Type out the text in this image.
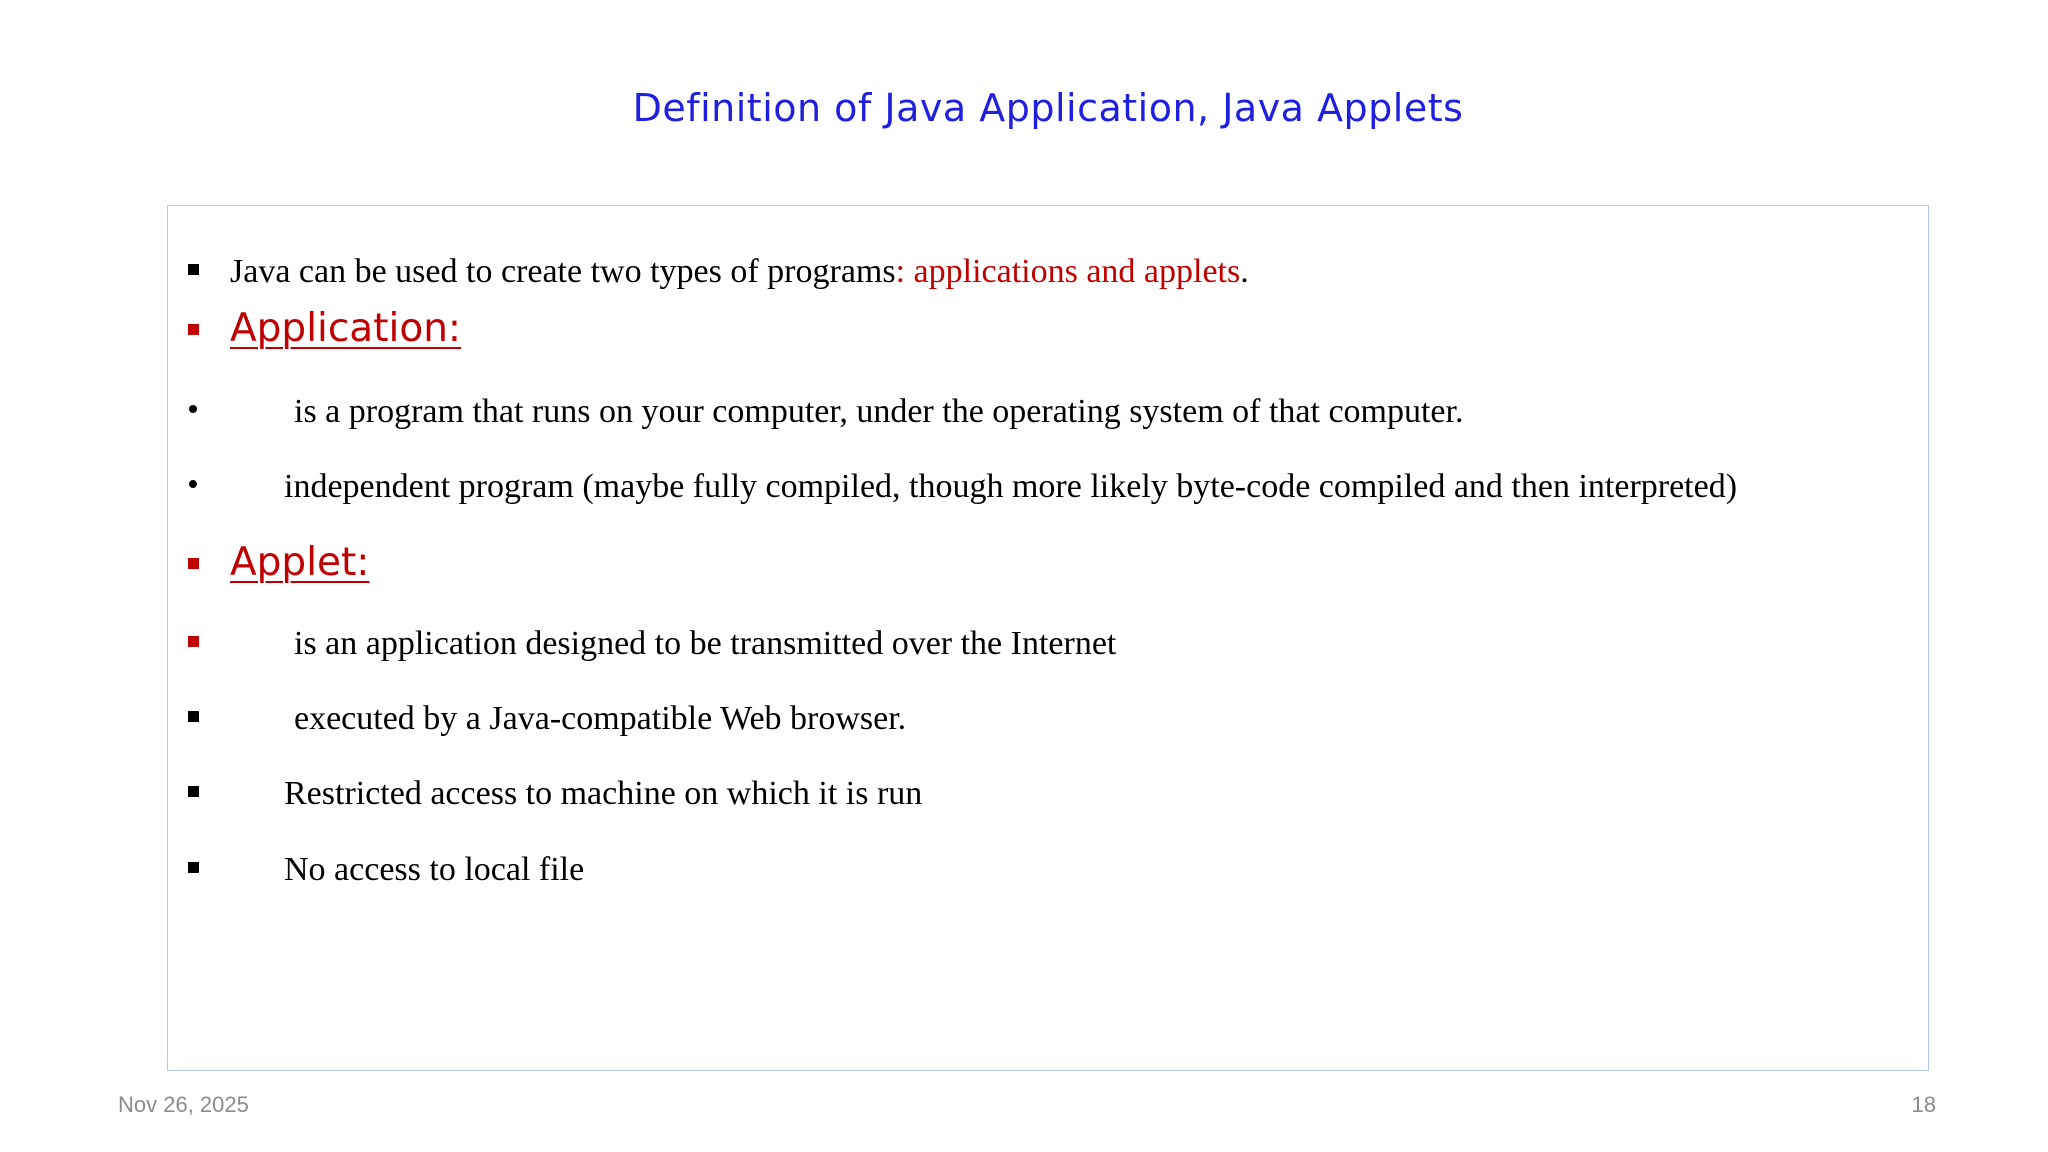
Definition of Java Application, Java Applets
Java can be used to create two types of programs: applications and applets.
Application:
is a program that runs on your computer, under the operating system of that computer.
independent program (maybe fully compiled, though more likely byte-code compiled and then interpreted)
Applet:
is an application designed to be transmitted over the Internet
executed by a Java-compatible Web browser.
Restricted access to machine on which it is run
No access to local file
Nov 26, 2025	18
